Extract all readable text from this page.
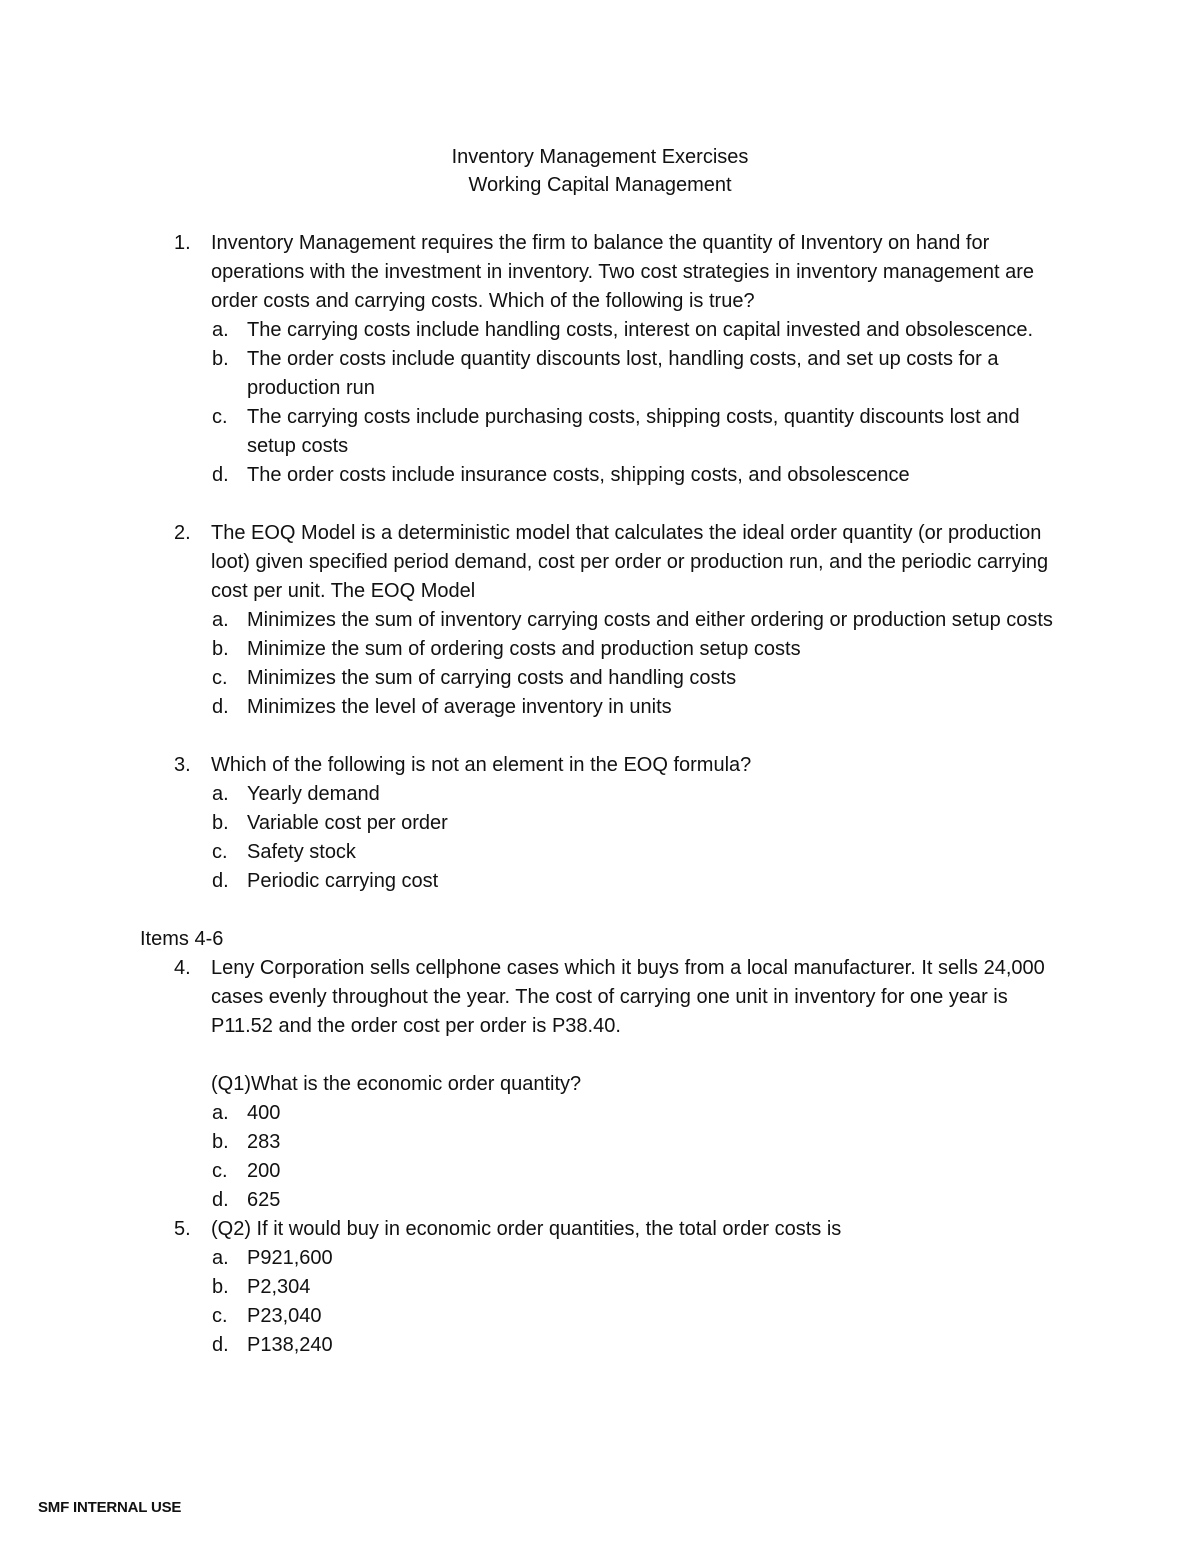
Inventory Management Exercises
Working Capital Management
1. Inventory Management requires the firm to balance the quantity of Inventory on hand for operations with the investment in inventory. Two cost strategies in inventory management are order costs and carrying costs. Which of the following is true?

a. The carrying costs include handling costs, interest on capital invested and obsolescence.
b. The order costs include quantity discounts lost, handling costs, and set up costs for a production run
c. The carrying costs include purchasing costs, shipping costs, quantity discounts lost and setup costs
d. The order costs include insurance costs, shipping costs, and obsolescence
2. The EOQ Model is a deterministic model that calculates the ideal order quantity (or production loot) given specified period demand, cost per order or production run, and the periodic carrying cost per unit. The EOQ Model

a. Minimizes the sum of inventory carrying costs and either ordering or production setup costs
b. Minimize the sum of ordering costs and production setup costs
c. Minimizes the sum of carrying costs and handling costs
d. Minimizes the level of average inventory in units
3. Which of the following is not an element in the EOQ formula?

a. Yearly demand
b. Variable cost per order
c. Safety stock
d. Periodic carrying cost
Items 4-6
4. Leny Corporation sells cellphone cases which it buys from a local manufacturer. It sells 24,000 cases evenly throughout the year. The cost of carrying one unit in inventory for one year is P11.52 and the order cost per order is P38.40.

(Q1)What is the economic order quantity?
a. 400
b. 283
c. 200
d. 625
5. (Q2) If it would buy in economic order quantities, the total order costs is

a. P921,600
b. P2,304
c. P23,040
d. P138,240
SMF INTERNAL USE
